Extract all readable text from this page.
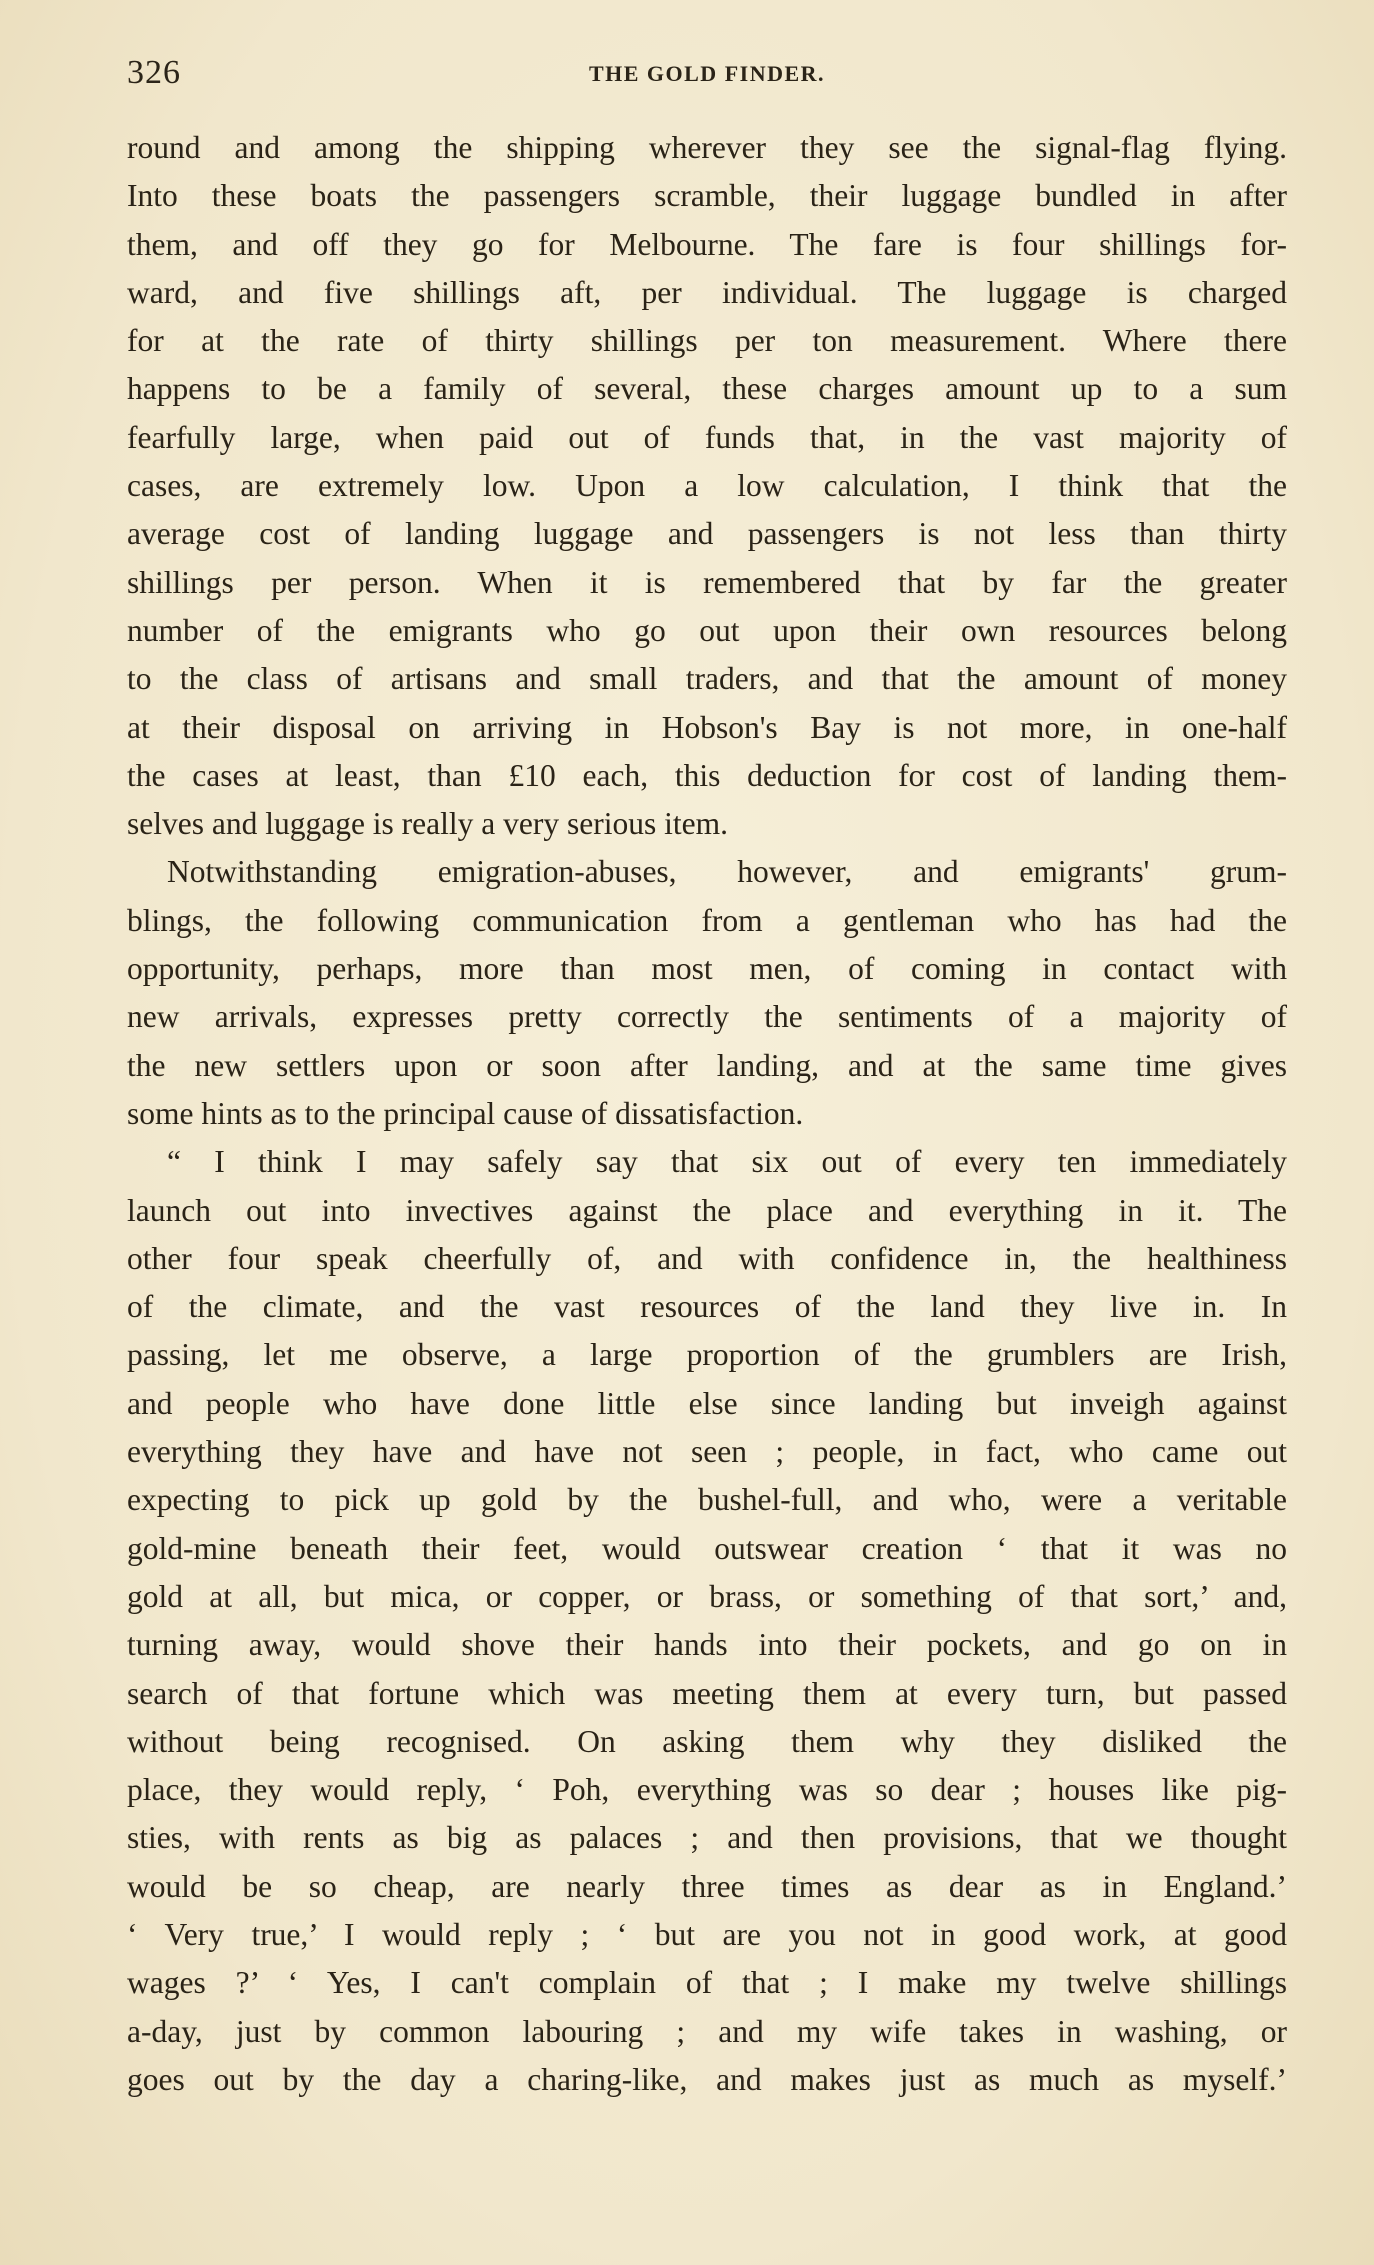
326	THE GOLD FINDER.
round and among the shipping wherever they see the signal-flag flying.
Into these boats the passengers scramble, their luggage bundled in after
them, and off they go for Melbourne. The fare is four shillings for-
ward, and five shillings aft, per individual. The luggage is charged
for at the rate of thirty shillings per ton measurement. Where there
happens to be a family of several, these charges amount up to a sum
fearfully large, when paid out of funds that, in the vast majority of
cases, are extremely low. Upon a low calculation, I think that the
average cost of landing luggage and passengers is not less than thirty
shillings per person. When it is remembered that by far the greater
number of the emigrants who go out upon their own resources belong
to the class of artisans and small traders, and that the amount of money
at their disposal on arriving in Hobson's Bay is not more, in one-half
the cases at least, than £10 each, this deduction for cost of landing them-
selves and luggage is really a very serious item.
Notwithstanding emigration-abuses, however, and emigrants' grum-
blings, the following communication from a gentleman who has had the
opportunity, perhaps, more than most men, of coming in contact with
new arrivals, expresses pretty correctly the sentiments of a majority of
the new settlers upon or soon after landing, and at the same time gives
some hints as to the principal cause of dissatisfaction.
“ I think I may safely say that six out of every ten immediately
launch out into invectives against the place and everything in it. The
other four speak cheerfully of, and with confidence in, the healthiness
of the climate, and the vast resources of the land they live in. In
passing, let me observe, a large proportion of the grumblers are Irish,
and people who have done little else since landing but inveigh against
everything they have and have not seen ; people, in fact, who came out
expecting to pick up gold by the bushel-full, and who, were a veritable
gold-mine beneath their feet, would outswear creation ‘ that it was no
gold at all, but mica, or copper, or brass, or something of that sort,’ and,
turning away, would shove their hands into their pockets, and go on in
search of that fortune which was meeting them at every turn, but passed
without being recognised. On asking them why they disliked the
place, they would reply, ‘ Poh, everything was so dear ; houses like pig-
sties, with rents as big as palaces ; and then provisions, that we thought
would be so cheap, are nearly three times as dear as in England.’
‘ Very true,’ I would reply ; ‘ but are you not in good work, at good
wages ?’ ‘ Yes, I can't complain of that ; I make my twelve shillings
a-day, just by common labouring ; and my wife takes in washing, or
goes out by the day a charing-like, and makes just as much as myself.’
